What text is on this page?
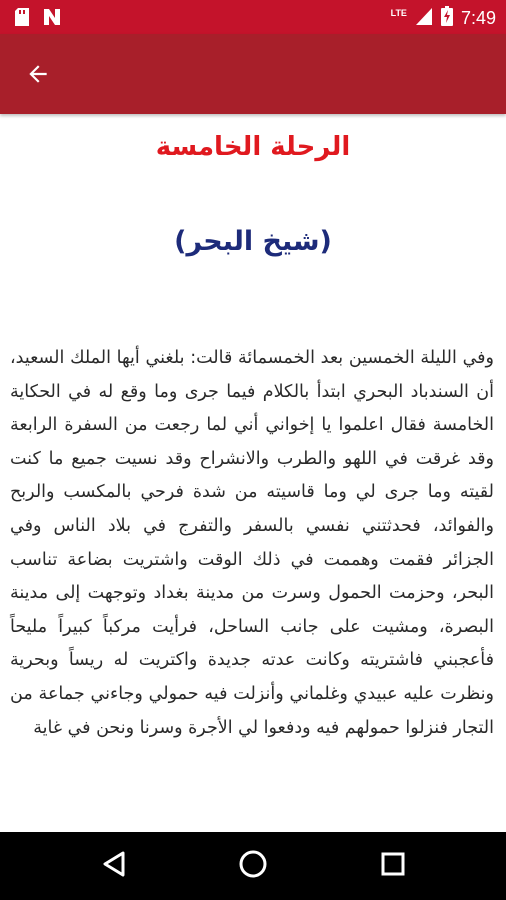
LTE	7:49
الرحلة الخامسة
(شيخ البحر)

وفي الليلة الخمسين بعد الخمسمائة قالت: بلغني أيها الملك السعيد، أن السندباد البحري ابتدأ بالكلام فيما جرى وما وقع له في الحكاية الخامسة فقال اعلموا يا إخواني أني لما رجعت من السفرة الرابعة وقد غرقت في اللهو والطرب والانشراح وقد نسيت جميع ما كنت لقيته وما جرى لي وما قاسيته من شدة فرحي بالمكسب والربح والفوائد، فحدثتني نفسي بالسفر والتفرج في بلاد الناس وفي الجزائر فقمت وهممت في ذلك الوقت واشتريت بضاعة تناسب البحر، وحزمت الحمول وسرت من مدينة بغداد وتوجهت إلى مدينة البصرة، ومشيت على جانب الساحل، فرأيت مركباً كبيراً مليحاً فأعجبني فاشتريته وكانت عدته جديدة واكتريت له ريساً وبحرية ونظرت عليه عبيدي وغلماني وأنزلت فيه حمولي وجاءني جماعة من التجار فنزلوا حمولهم فيه ودفعوا لي الأجرة وسرنا ونحن في غاية
